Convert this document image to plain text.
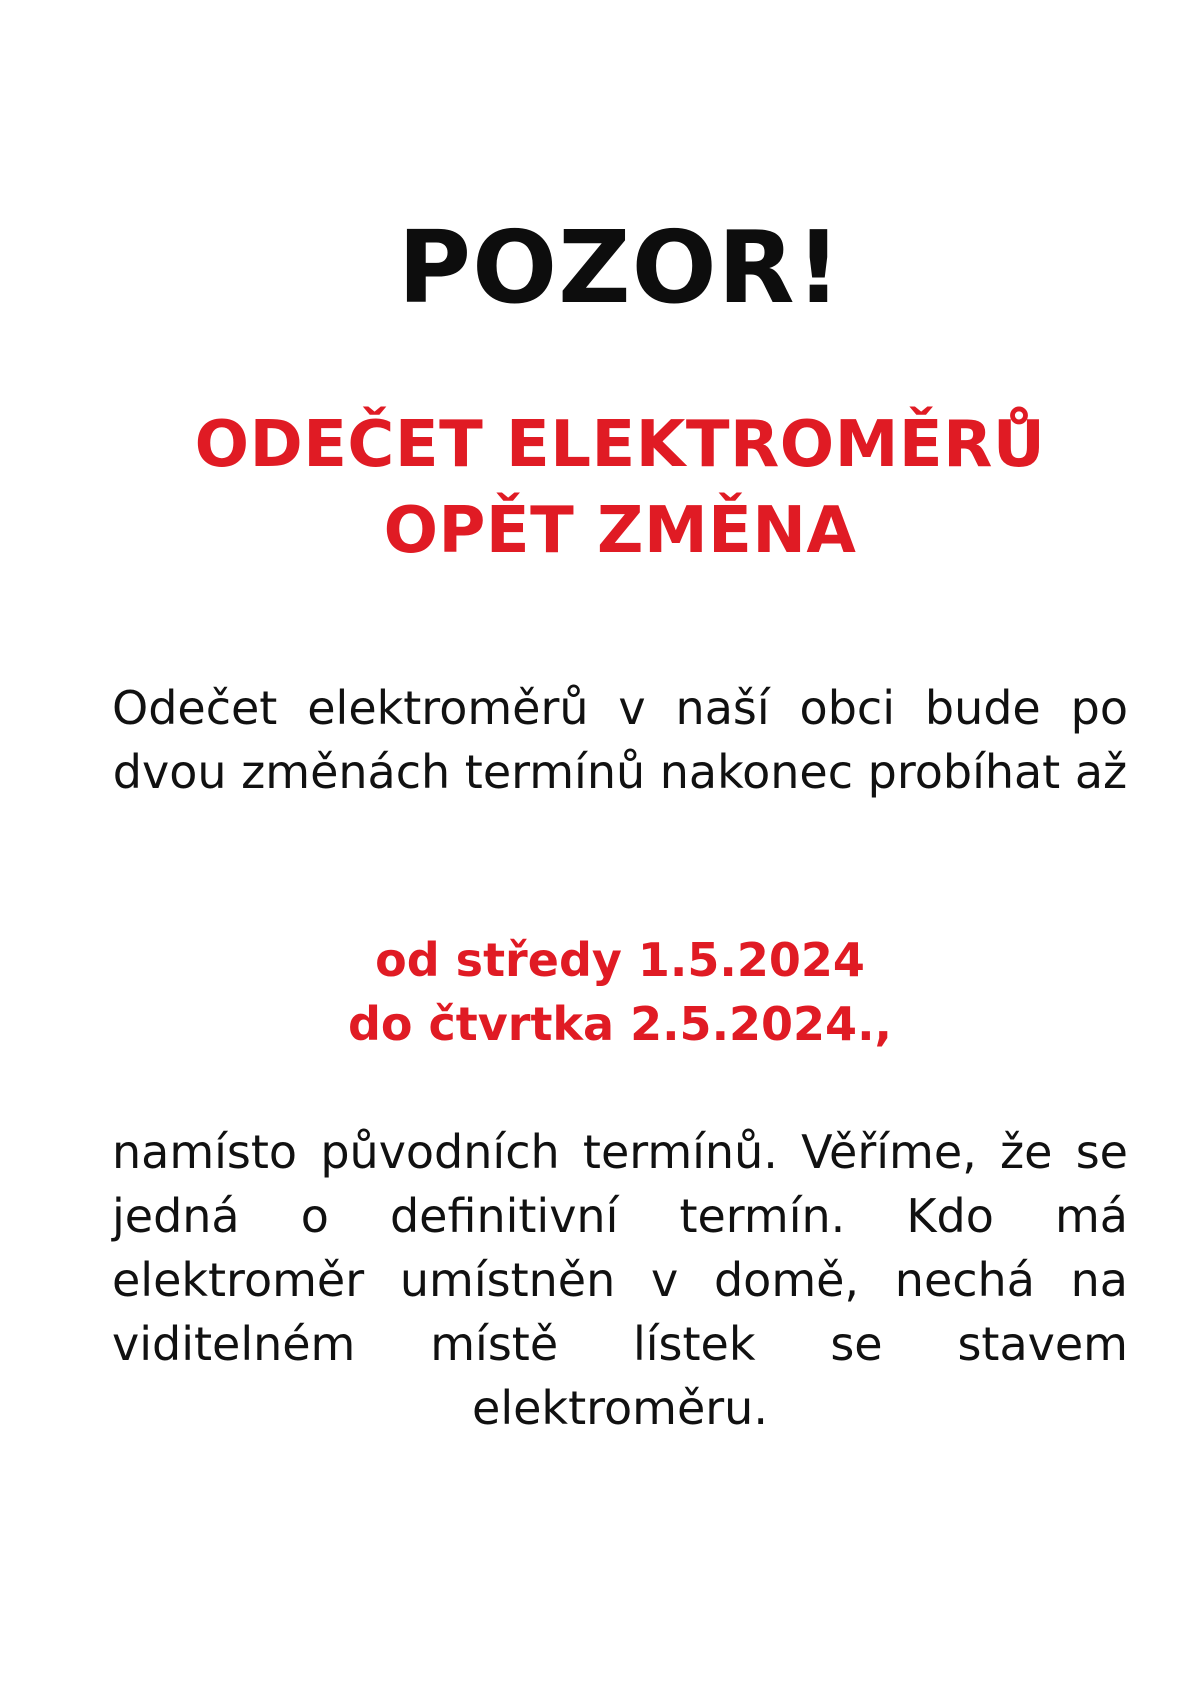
POZOR!
ODEČET ELEKTROMĚRŮ
OPĚT ZMĚNA
Odečet elektroměrů v naší obci bude po dvou změnách termínů nakonec probíhat až
od středy 1.5.2024
do čtvrtka 2.5.2024.,
namísto původních termínů. Věříme, že se jedná o definitivní termín. Kdo má elektroměr umístněn v domě, nechá na viditelném místě lístek se stavem elektroměru.
